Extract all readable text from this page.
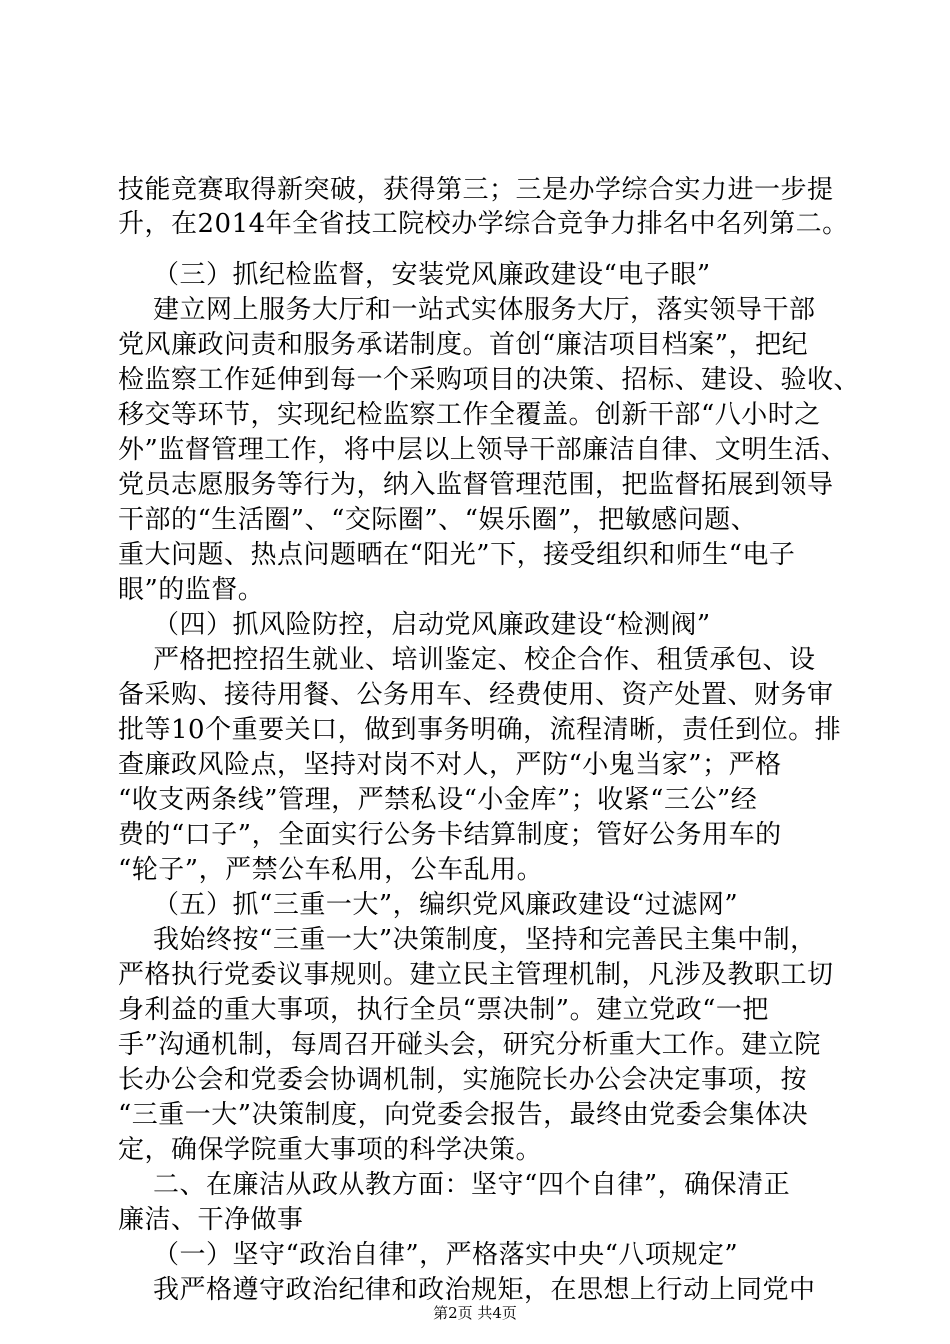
技能竞赛取得新突破，获得第三；三是办学综合实力进一步提
升，在2014年全省技工院校办学综合竞争力排名中名列第二。
（三）抓纪检监督，安装党风廉政建设“电子眼”
建立网上服务大厅和一站式实体服务大厅，落实领导干部
党风廉政问责和服务承诺制度。首创“廉洁项目档案”，把纪
检监察工作延伸到每一个采购项目的决策、招标、建设、验收、
移交等环节，实现纪检监察工作全覆盖。创新干部“八小时之
外”监督管理工作，将中层以上领导干部廉洁自律、文明生活、
党员志愿服务等行为，纳入监督管理范围，把监督拓展到领导
干部的“生活圈”、“交际圈”、“娱乐圈”，把敏感问题、
重大问题、热点问题晒在“阳光”下，接受组织和师生“电子
眼”的监督。
（四）抓风险防控，启动党风廉政建设“检测阀”
严格把控招生就业、培训鉴定、校企合作、租赁承包、设
备采购、接待用餐、公务用车、经费使用、资产处置、财务审
批等10个重要关口，做到事务明确，流程清晰，责任到位。排
查廉政风险点，坚持对岗不对人，严防“小鬼当家”；严格
“收支两条线”管理，严禁私设“小金库”；收紧“三公”经
费的“口子”，全面实行公务卡结算制度；管好公务用车的
“轮子”，严禁公车私用，公车乱用。
（五）抓“三重一大”，编织党风廉政建设“过滤网”
我始终按“三重一大”决策制度，坚持和完善民主集中制，
严格执行党委议事规则。建立民主管理机制，凡涉及教职工切
身利益的重大事项，执行全员“票决制”。建立党政“一把
手”沟通机制，每周召开碰头会，研究分析重大工作。建立院
长办公会和党委会协调机制，实施院长办公会决定事项，按
“三重一大”决策制度，向党委会报告，最终由党委会集体决
定，确保学院重大事项的科学决策。
二、在廉洁从政从教方面：坚守“四个自律”，确保清正
廉洁、干净做事
（一）坚守“政治自律”，严格落实中央“八项规定”
我严格遵守政治纪律和政治规矩，在思想上行动上同党中
第2页 共4页
